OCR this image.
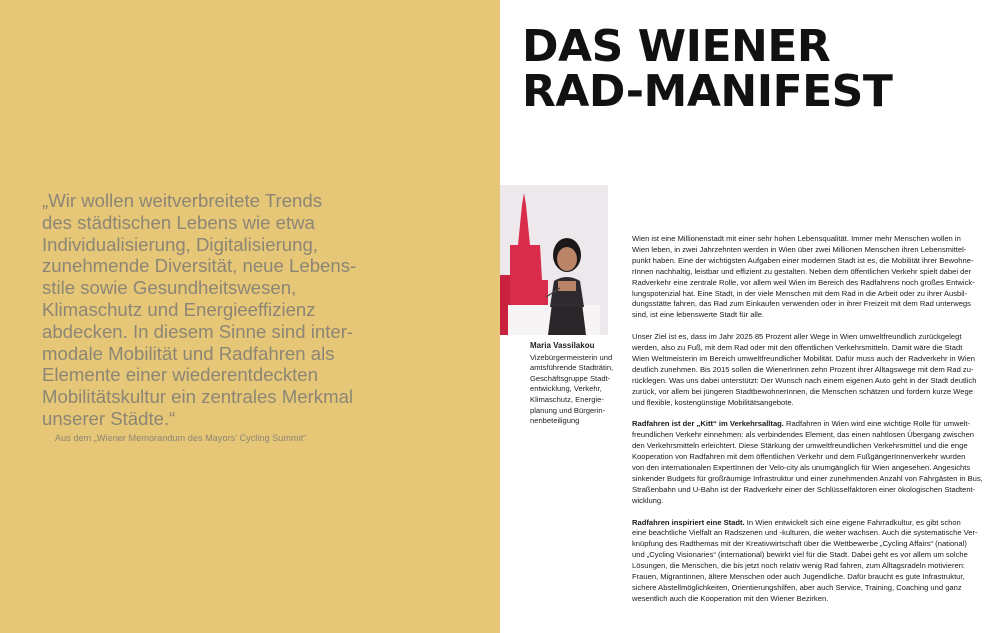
„Wir wollen weitverbreitete Trends
des städtischen Lebens wie etwa
Individualisierung, Digitalisierung,
zunehmende Diversität, neue Lebens-
stile sowie Gesundheitswesen,
Klimaschutz und Energieeffizienz
abdecken. In diesem Sinne sind inter-
modale Mobilität und Radfahren als
Elemente einer wiederentdeckten
Mobilitätskultur ein zentrales Merkmal
unserer Städte.“
Aus dem „Wiener Memorandum des Mayors’ Cycling Summit“
DAS WIENER
RAD-MANIFEST
Maria Vassilakou
Vizebürgermeisterin und
amtsführende Stadträtin,
Geschäftsgruppe Stadt-
entwicklung, Verkehr,
Klimaschutz, Energie-
planung und Bürgerin-
nenbeteiligung
Wien ist eine Millionenstadt mit einer sehr hohen Lebensqualität. Immer mehr Menschen wollen in
Wien leben, in zwei Jahrzehnten werden in Wien über zwei Millionen Menschen ihren Lebensmittel-
punkt haben. Eine der wichtigsten Aufgaben einer modernen Stadt ist es, die Mobilität ihrer Bewohne-
rInnen nachhaltig, leistbar und effizient zu gestalten. Neben dem öffentlichen Verkehr spielt dabei der
Radverkehr eine zentrale Rolle, vor allem weil Wien im Bereich des Radfahrens noch großes Entwick-
lungspotenzial hat. Eine Stadt, in der viele Menschen mit dem Rad in die Arbeit oder zu ihrer Ausbil-
dungsstätte fahren, das Rad zum Einkaufen verwenden oder in ihrer Freizeit mit dem Rad unterwegs
sind, ist eine lebenswerte Stadt für alle.
Unser Ziel ist es, dass im Jahr 2025 85 Prozent aller Wege in Wien umweltfreundlich zurückgelegt
werden, also zu Fuß, mit dem Rad oder mit den öffentlichen Verkehrsmitteln. Damit wäre die Stadt
Wien Weltmeisterin im Bereich umweltfreundlicher Mobilität. Dafür muss auch der Radverkehr in Wien
deutlich zunehmen. Bis 2015 sollen die WienerInnen zehn Prozent ihrer Alltagswege mit dem Rad zu-
rücklegen. Was uns dabei unterstützt: Der Wunsch nach einem eigenen Auto geht in der Stadt deutlich
zurück, vor allem bei jüngeren StadtbewohnerInnen, die Menschen schätzen und fordern kurze Wege
und flexible, kostengünstige Mobilitätsangebote.
Radfahren ist der „Kitt“ im Verkehrsalltag. Radfahren in Wien wird eine wichtige Rolle für umwelt-
freundlichen Verkehr einnehmen: als verbindendes Element, das einen nahtlosen Übergang zwischen
den Verkehrsmitteln erleichtert. Diese Stärkung der umweltfreundlichen Verkehrsmittel und die enge
Kooperation von Radfahren mit dem öffentlichen Verkehr und dem FußgängerInnenverkehr wurden
von den internationalen ExpertInnen der Velo-city als unumgänglich für Wien angesehen. Angesichts
sinkender Budgets für großräumige Infrastruktur und einer zunehmenden Anzahl von Fahrgästen in Bus,
Straßenbahn und U-Bahn ist der Radverkehr einer der Schlüsselfaktoren einer ökologischen Stadtent-
wicklung.
Radfahren inspiriert eine Stadt. In Wien entwickelt sich eine eigene Fahrradkultur, es gibt schon
eine beachtliche Vielfalt an Radszenen und -kulturen, die weiter wachsen. Auch die systematische Ver-
knüpfung des Radthemas mit der Kreativwirtschaft über die Wettbewerbe „Cycling Affairs“ (national)
und „Cycling Visionaries“ (international) bewirkt viel für die Stadt. Dabei geht es vor allem um solche
Lösungen, die Menschen, die bis jetzt noch relativ wenig Rad fahren, zum Alltagsradeln motivieren:
Frauen, Migrantinnen, ältere Menschen oder auch Jugendliche. Dafür braucht es gute Infrastruktur,
sichere Abstellmöglichkeiten, Orientierungshilfen, aber auch Service, Training, Coaching und ganz
wesentlich auch die Kooperation mit den Wiener Bezirken.
